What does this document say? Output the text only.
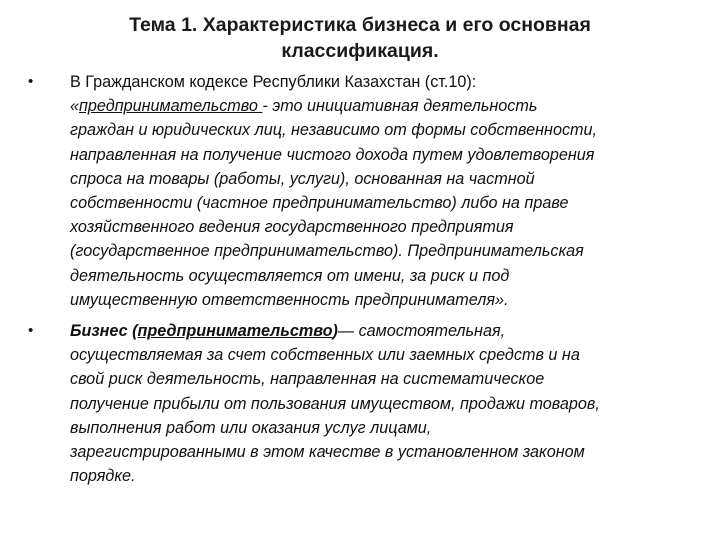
Тема 1. Характеристика бизнеса и его основная
классификация.
• В Гражданском кодексе Республики Казахстан (ст.10):
«предпринимательство - это инициативная деятельность
граждан и юридических лиц, независимо от формы собственности,
направленная на получение чистого дохода путем удовлетворения
спроса на товары (работы, услуги), основанная на частной
собственности (частное предпринимательство) либо на праве
хозяйственного ведения государственного предприятия
(государственное предпринимательство). Предпринимательская
деятельность осуществляется от имени, за риск и под
имущественную ответственность предпринимателя».
• Бизнес (предпринимательство)— самостоятельная,
осуществляемая за счет собственных или заемных средств и на
свой риск деятельность, направленная на систематическое
получение прибыли от пользования имуществом, продажи товаров,
выполнения работ или оказания услуг лицами,
зарегистрированными в этом качестве в установленном законом
порядке.
